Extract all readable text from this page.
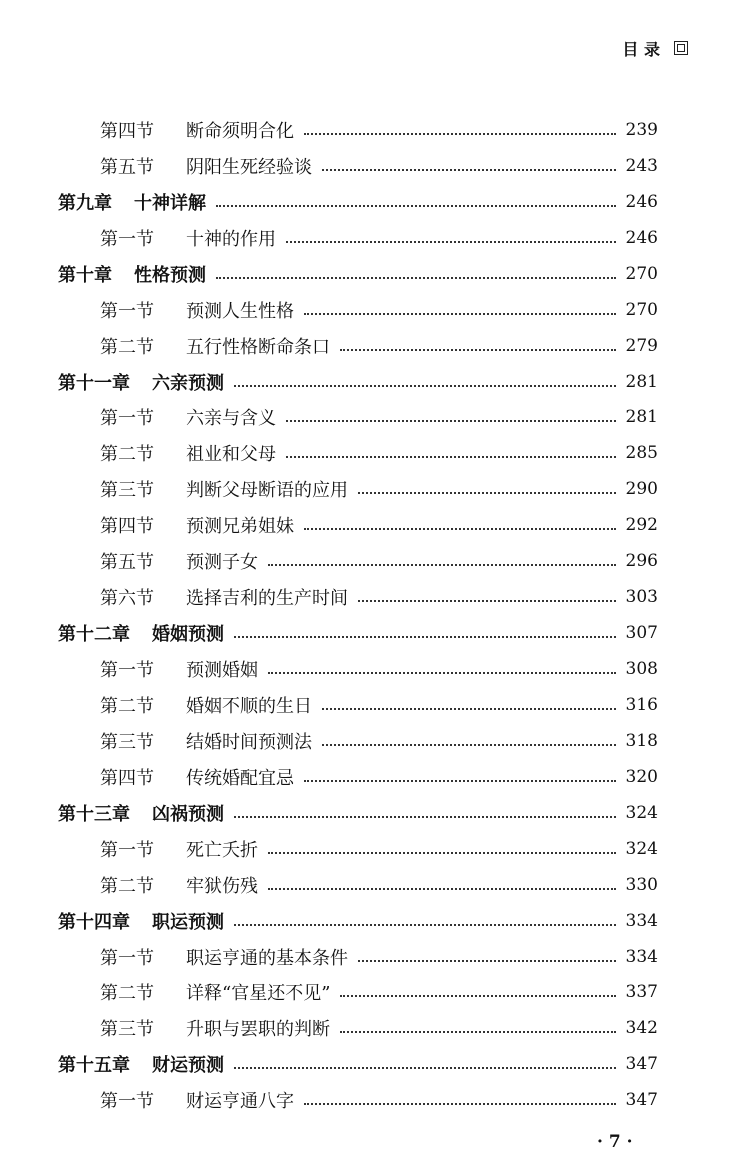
目 录
第四节	断命须明合化	239
第五节	阴阳生死经验谈	243
第九章 十神详解	246
第一节	十神的作用	246
第十章 性格预测	270
第一节	预测人生性格	270
第二节	五行性格断命条口	279
第十一章 六亲预测	281
第一节	六亲与含义	281
第二节	祖业和父母	285
第三节	判断父母断语的应用	290
第四节	预测兄弟姐妹	292
第五节	预测子女	296
第六节	选择吉利的生产时间	303
第十二章 婚姻预测	307
第一节	预测婚姻	308
第二节	婚姻不顺的生日	316
第三节	结婚时间预测法	318
第四节	传统婚配宜忌	320
第十三章 凶祸预测	324
第一节	死亡夭折	324
第二节	牢狱伤残	330
第十四章 职运预测	334
第一节	职运亨通的基本条件	334
第二节	详释“官星还不见”	337
第三节	升职与罢职的判断	342
第十五章 财运预测	347
第一节	财运亨通八字	347
· 7 ·
